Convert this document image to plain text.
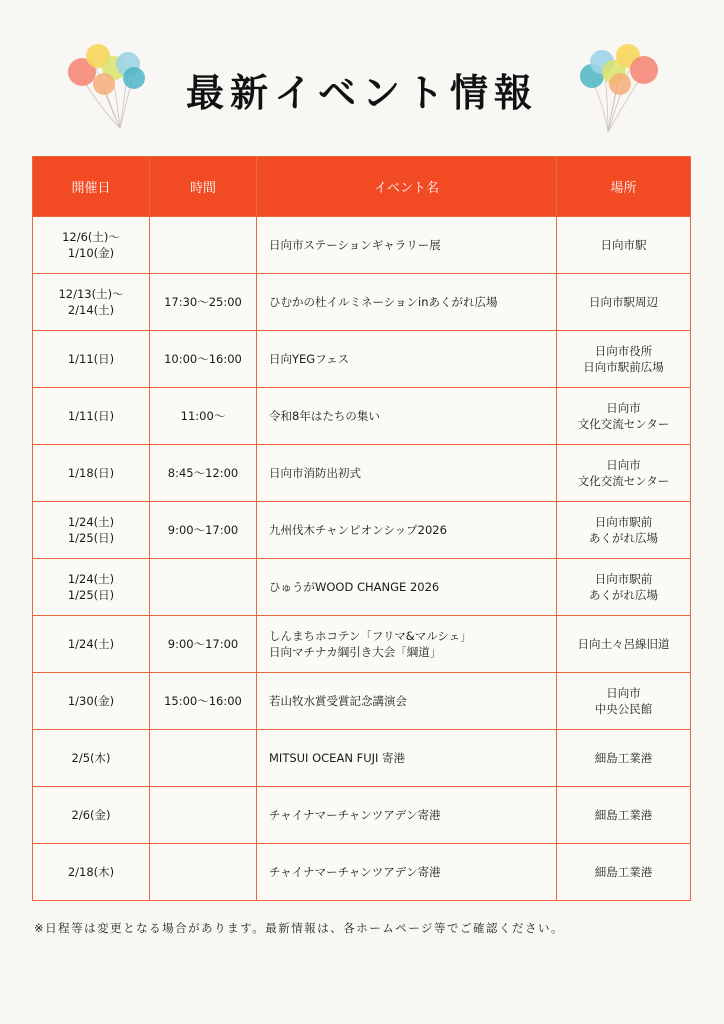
最新イベント情報
開催日	時間	イベント名	場所
12/6(土)～
1/10(金)		日向市ステーションギャラリー展	日向市駅
12/13(土)～
2/14(土)	17:30～25:00	ひむかの杜イルミネーションinあくがれ広場	日向市駅周辺
1/11(日)	10:00～16:00	日向YEGフェス	日向市役所
日向市駅前広場
1/11(日)	11:00～	令和8年はたちの集い	日向市
文化交流センター
1/18(日)	8:45～12:00	日向市消防出初式	日向市
文化交流センター
1/24(土)
1/25(日)	9:00～17:00	九州伐木チャンピオンシップ2026	日向市駅前
あくがれ広場
1/24(土)
1/25(日)		ひゅうがWOOD CHANGE 2026	日向市駅前
あくがれ広場
1/24(土)	9:00～17:00	しんまちホコテン「フリマ&マルシェ」
日向マチナカ綱引き大会「綱道」	日向土々呂線旧道
1/30(金)	15:00～16:00	若山牧水賞受賞記念講演会	日向市
中央公民館
2/5(木)		MITSUI OCEAN FUJI 寄港	細島工業港
2/6(金)		チャイナマーチャンツアデン寄港	細島工業港
2/18(木)		チャイナマーチャンツアデン寄港	細島工業港
※日程等は変更となる場合があります。最新情報は、各ホームページ等でご確認ください。
